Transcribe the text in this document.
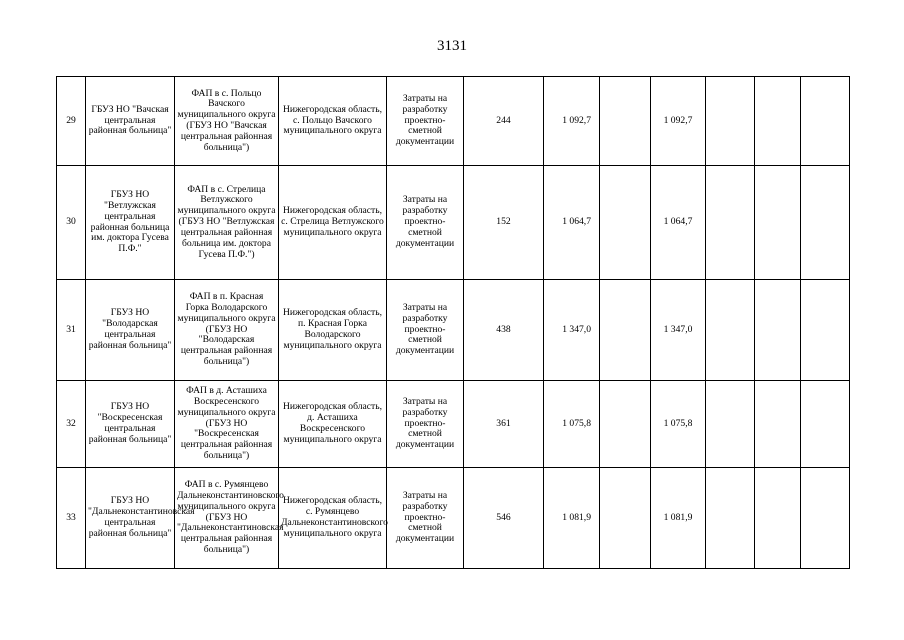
3131
29	ГБУЗ НО "Вачская центральная районная больница"	ФАП в с. Польцо Вачского муниципального округа (ГБУЗ НО "Вачская центральная районная больница")	Нижегородская область, с. Польцо Вачского муниципального округа	Затраты на разработку проектно-сметной документации	244	1 092,7		1 092,7			
30	ГБУЗ НО "Ветлужская центральная районная больница им. доктора Гусева П.Ф."	ФАП в с. Стрелица Ветлужского муниципального округа (ГБУЗ НО "Ветлужская центральная районная больница им. доктора Гусева П.Ф.")	Нижегородская область, с. Стрелица Ветлужского муниципального округа	Затраты на разработку проектно-сметной документации	152	1 064,7		1 064,7			
31	ГБУЗ НО "Володарская центральная районная больница"	ФАП в п. Красная Горка Володарского муниципального округа (ГБУЗ НО "Володарская центральная районная больница")	Нижегородская область, п. Красная Горка Володарского муниципального округа	Затраты на разработку проектно-сметной документации	438	1 347,0		1 347,0			
32	ГБУЗ НО "Воскресенская центральная районная больница"	ФАП в д. Асташиха Воскресенского муниципального округа (ГБУЗ НО "Воскресенская центральная районная больница")	Нижегородская область, д. Асташиха Воскресенского муниципального округа	Затраты на разработку проектно-сметной документации	361	1 075,8		1 075,8			
33	ГБУЗ НО "Дальнеконстантиновская центральная районная больница"	ФАП в с. Румянцево Дальнеконстантиновского муниципального округа (ГБУЗ НО "Дальнеконстантиновская центральная районная больница")	Нижегородская область, с. Румянцево Дальнеконстантиновского муниципального округа	Затраты на разработку проектно-сметной документации	546	1 081,9		1 081,9			
